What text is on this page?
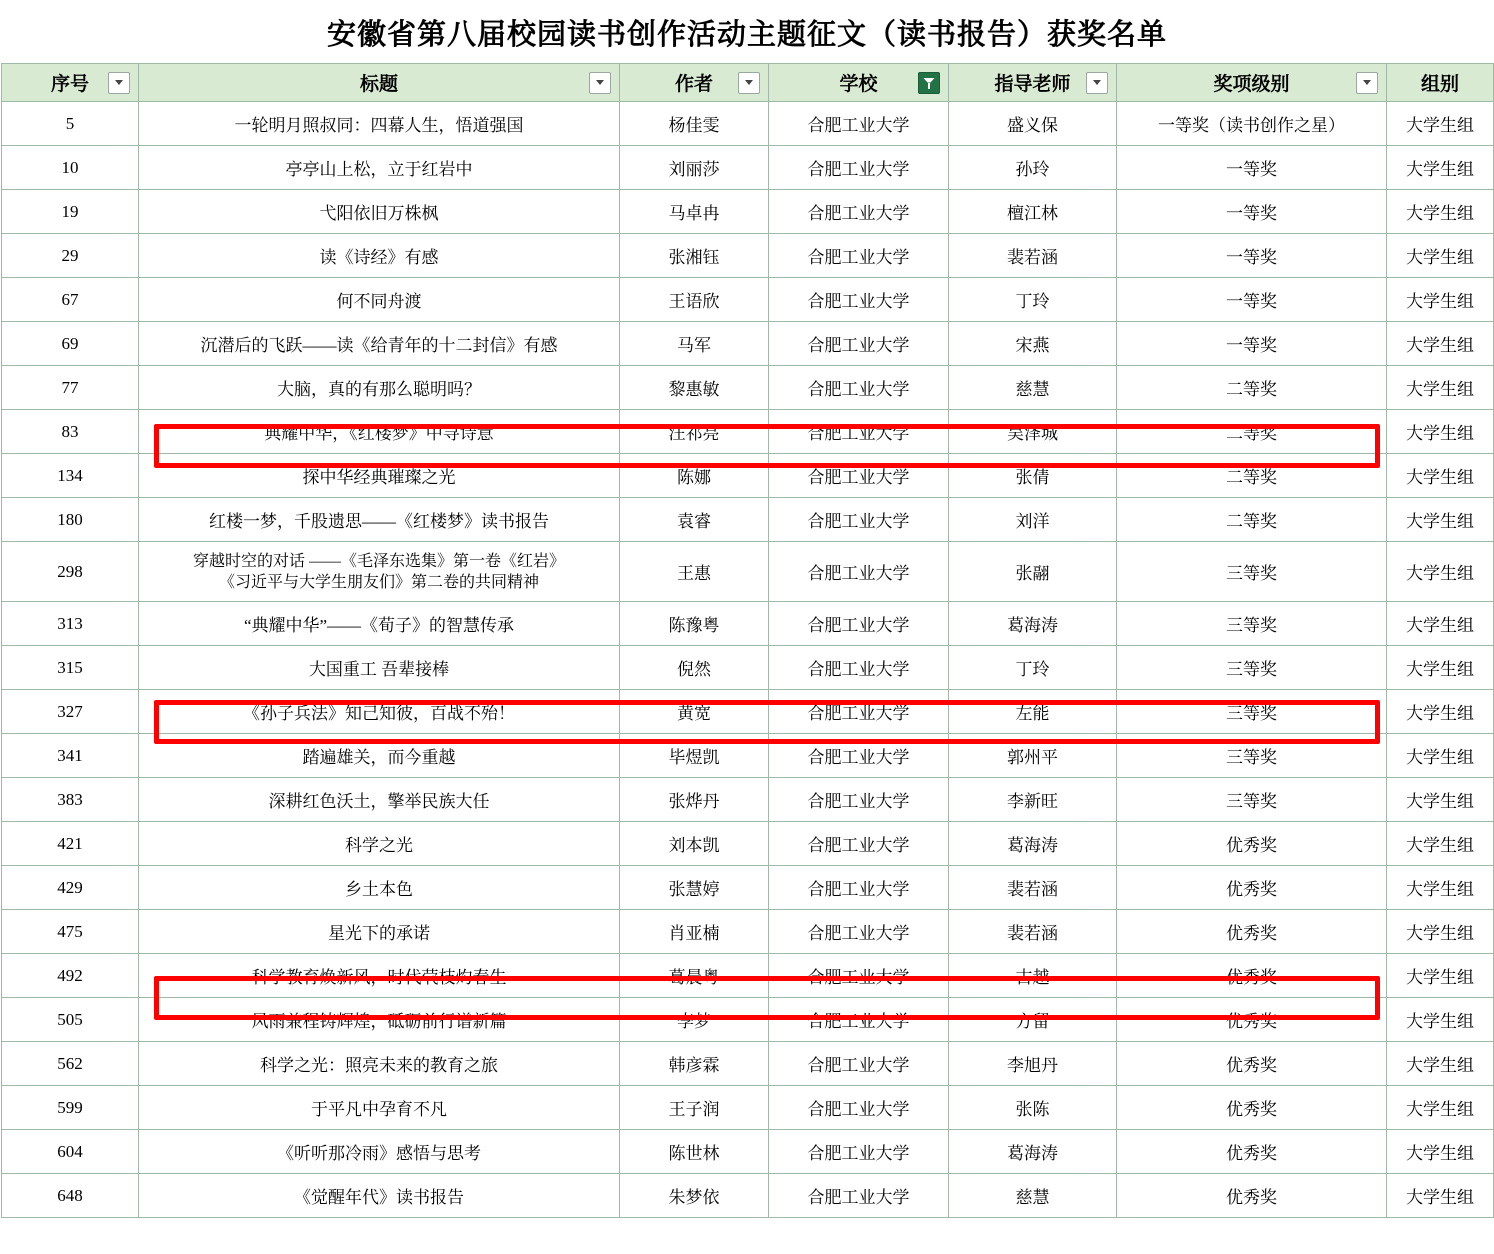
安徽省第八届校园读书创作活动主题征文（读书报告）获奖名单
序号	标题	作者	学校	指导老师	奖项级别	组别

5	一轮明月照叔同：四幕人生，悟道强国	杨佳雯	合肥工业大学	盛义保	一等奖（读书创作之星）	大学生组
10	亭亭山上松，立于红岩中	刘丽莎	合肥工业大学	孙玲	一等奖	大学生组
19	弋阳依旧万株枫	马卓冉	合肥工业大学	檀江林	一等奖	大学生组
29	读《诗经》有感	张湘钰	合肥工业大学	裴若涵	一等奖	大学生组
67	何不同舟渡	王语欣	合肥工业大学	丁玲	一等奖	大学生组
69	沉潜后的飞跃——读《给青年的十二封信》有感	马军	合肥工业大学	宋燕	一等奖	大学生组
77	大脑，真的有那么聪明吗？	黎惠敏	合肥工业大学	慈慧	二等奖	大学生组
83	典耀中华，《红楼梦》中寻诗意	汪祁亮	合肥工业大学	吴泽城	二等奖	大学生组
134	探中华经典璀璨之光	陈娜	合肥工业大学	张倩	二等奖	大学生组
180	红楼一梦，千股遗思——《红楼梦》读书报告	袁睿	合肥工业大学	刘洋	二等奖	大学生组
298	穿越时空的对话 ——《毛泽东选集》第一卷《红岩》
《习近平与大学生朋友们》第二卷的共同精神	王惠	合肥工业大学	张翮	三等奖	大学生组
313	“典耀中华”——《荀子》的智慧传承	陈豫粤	合肥工业大学	葛海涛	三等奖	大学生组
315	大国重工 吾辈接棒	倪然	合肥工业大学	丁玲	三等奖	大学生组
327	《孙子兵法》知己知彼，百战不殆！	黄宽	合肥工业大学	左能	三等奖	大学生组
341	踏遍雄关，而今重越	毕煜凯	合肥工业大学	郭州平	三等奖	大学生组
383	深耕红色沃土，擎举民族大任	张烨丹	合肥工业大学	李新旺	三等奖	大学生组
421	科学之光	刘本凯	合肥工业大学	葛海涛	优秀奖	大学生组
429	乡土本色	张慧婷	合肥工业大学	裴若涵	优秀奖	大学生组
475	星光下的承诺	肖亚楠	合肥工业大学	裴若涵	优秀奖	大学生组
492	科学教育焕新风，时代茕枝灼春生	葛晨粤	合肥工业大学	古越	优秀奖	大学生组
505	风雨兼程铸辉煌，砥砺前行谱新篇	李梦	合肥工业大学	方留	优秀奖	大学生组
562	科学之光：照亮未来的教育之旅	韩彦霖	合肥工业大学	李旭丹	优秀奖	大学生组
599	于平凡中孕育不凡	王子润	合肥工业大学	张陈	优秀奖	大学生组
604	《听听那冷雨》感悟与思考	陈世林	合肥工业大学	葛海涛	优秀奖	大学生组
648	《觉醒年代》读书报告	朱梦依	合肥工业大学	慈慧	优秀奖	大学生组
